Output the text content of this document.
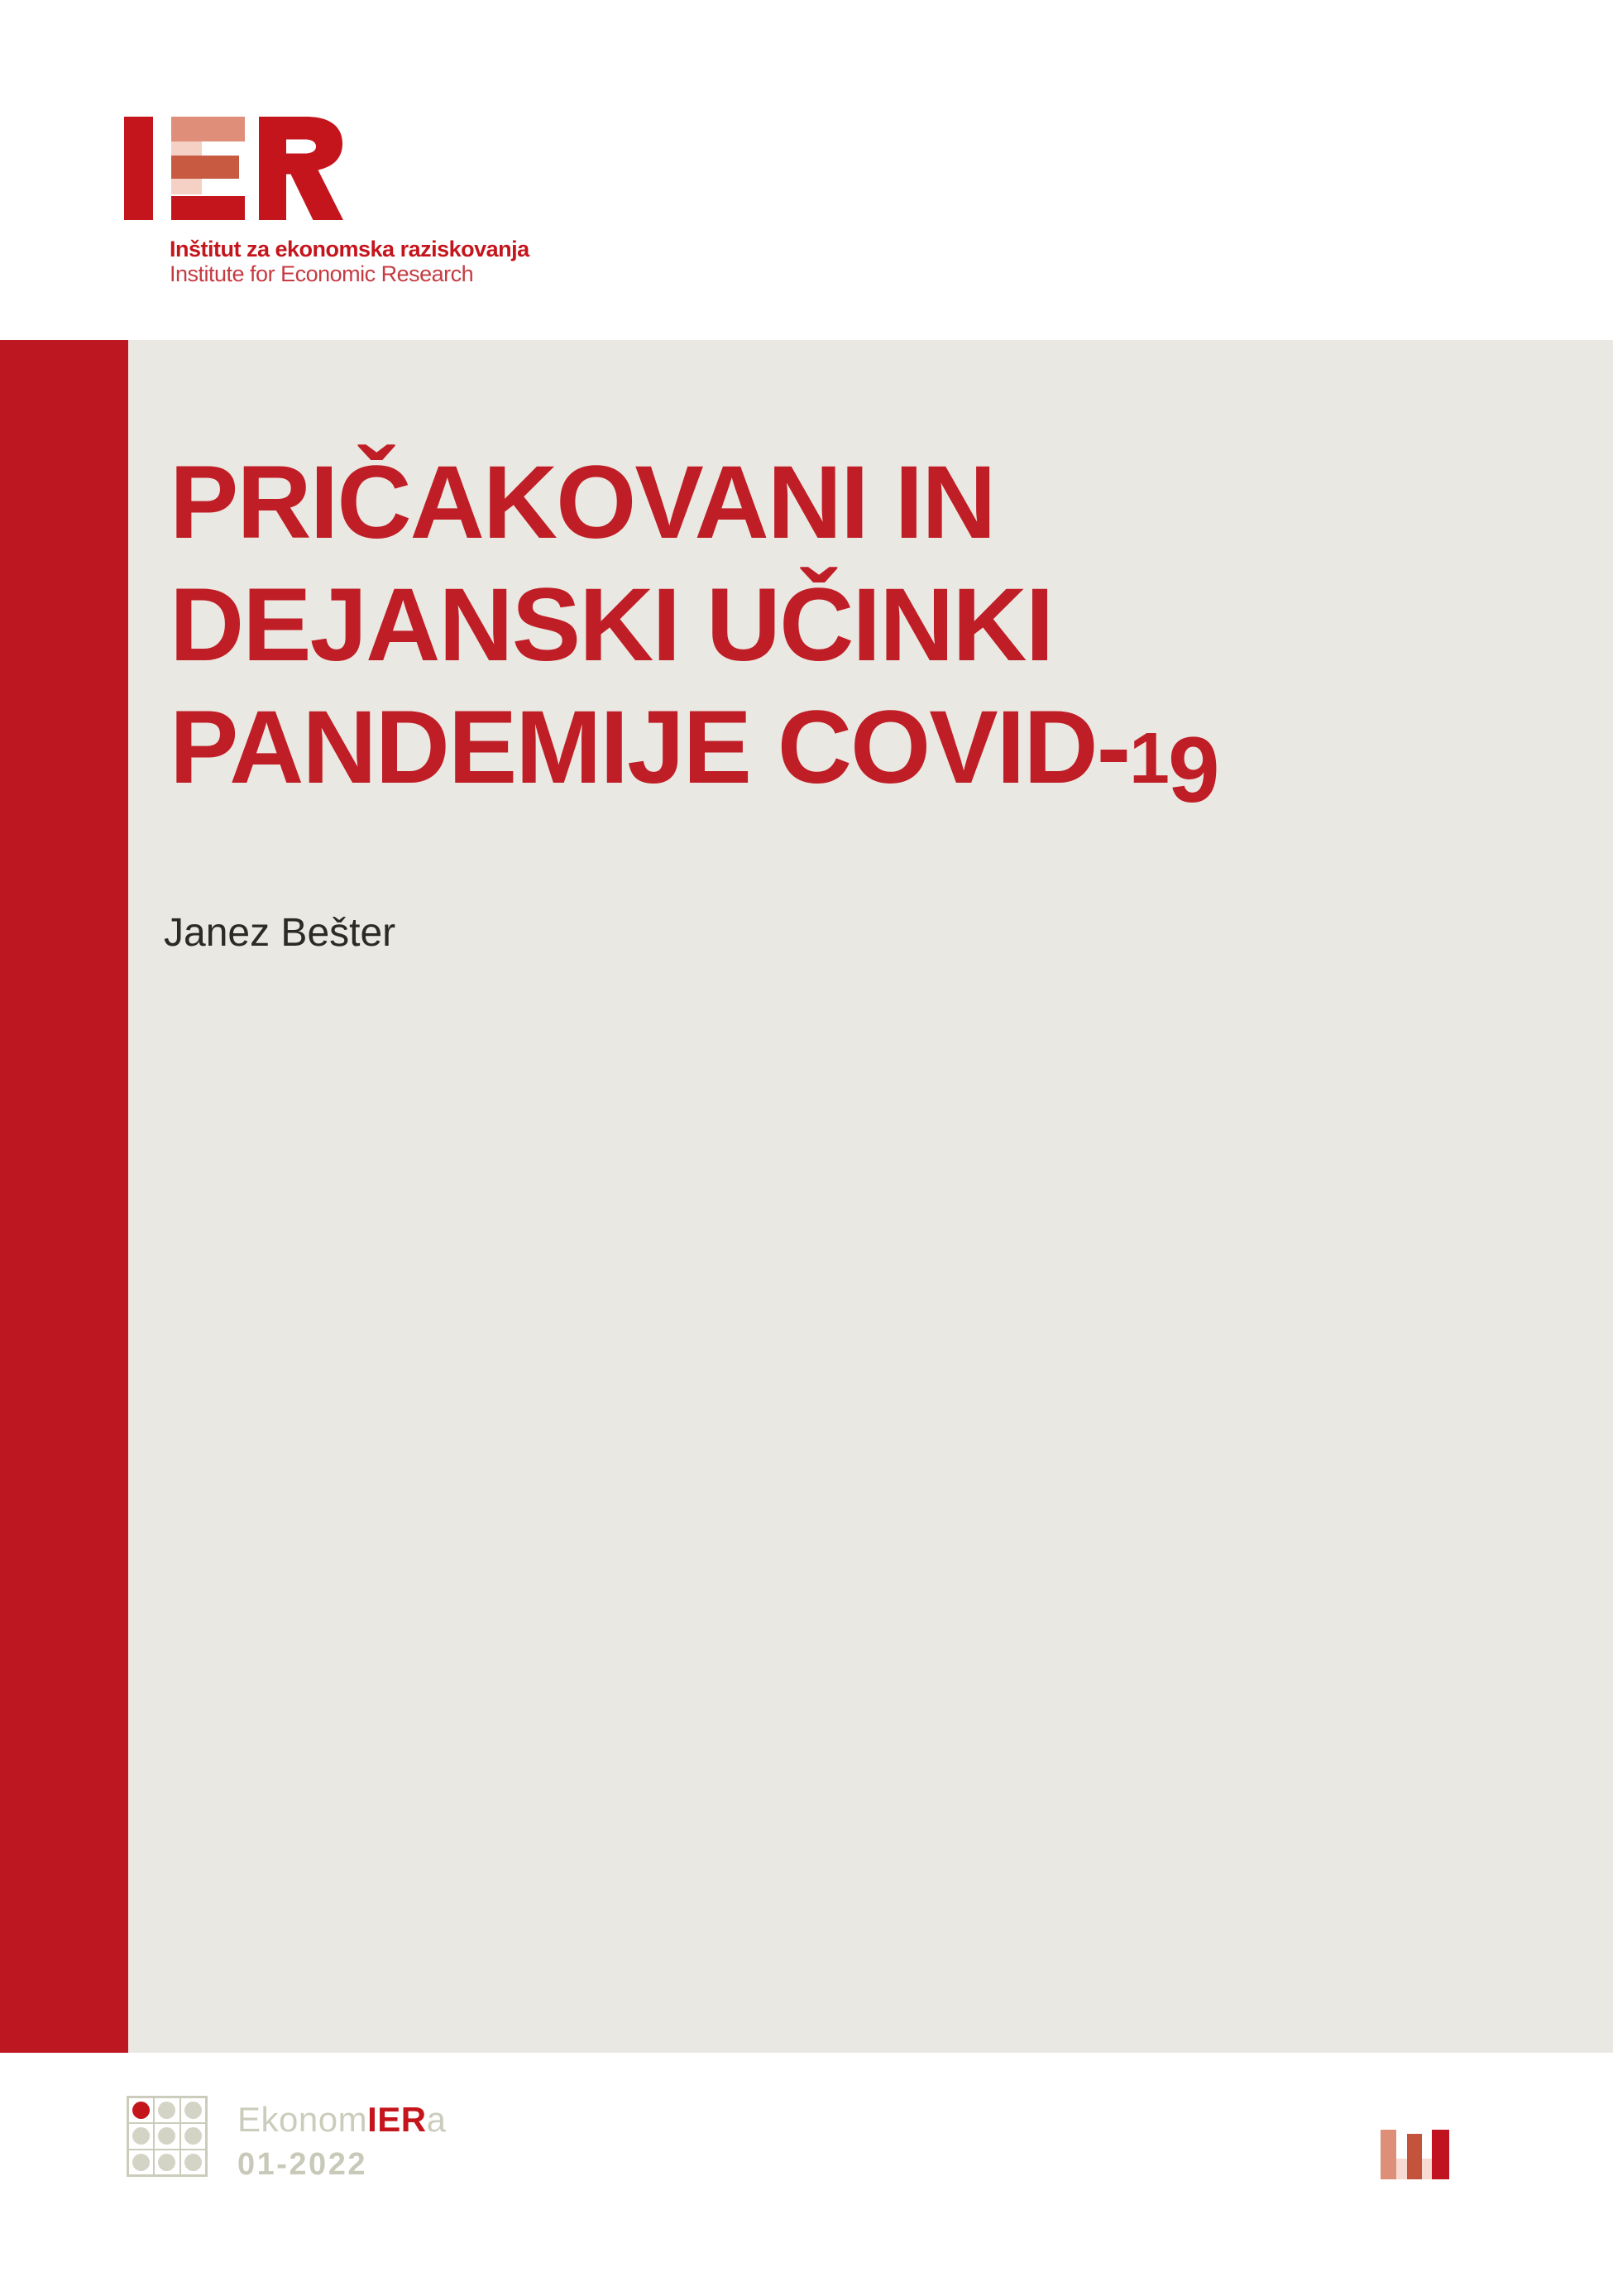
Inštitut za ekonomska raziskovanja
Institute for Economic Research
PRIČAKOVANI IN
DEJANSKI UČINKI
PANDEMIJE COVID-19

Janez Bešter

EkonomIERa
01-2022
